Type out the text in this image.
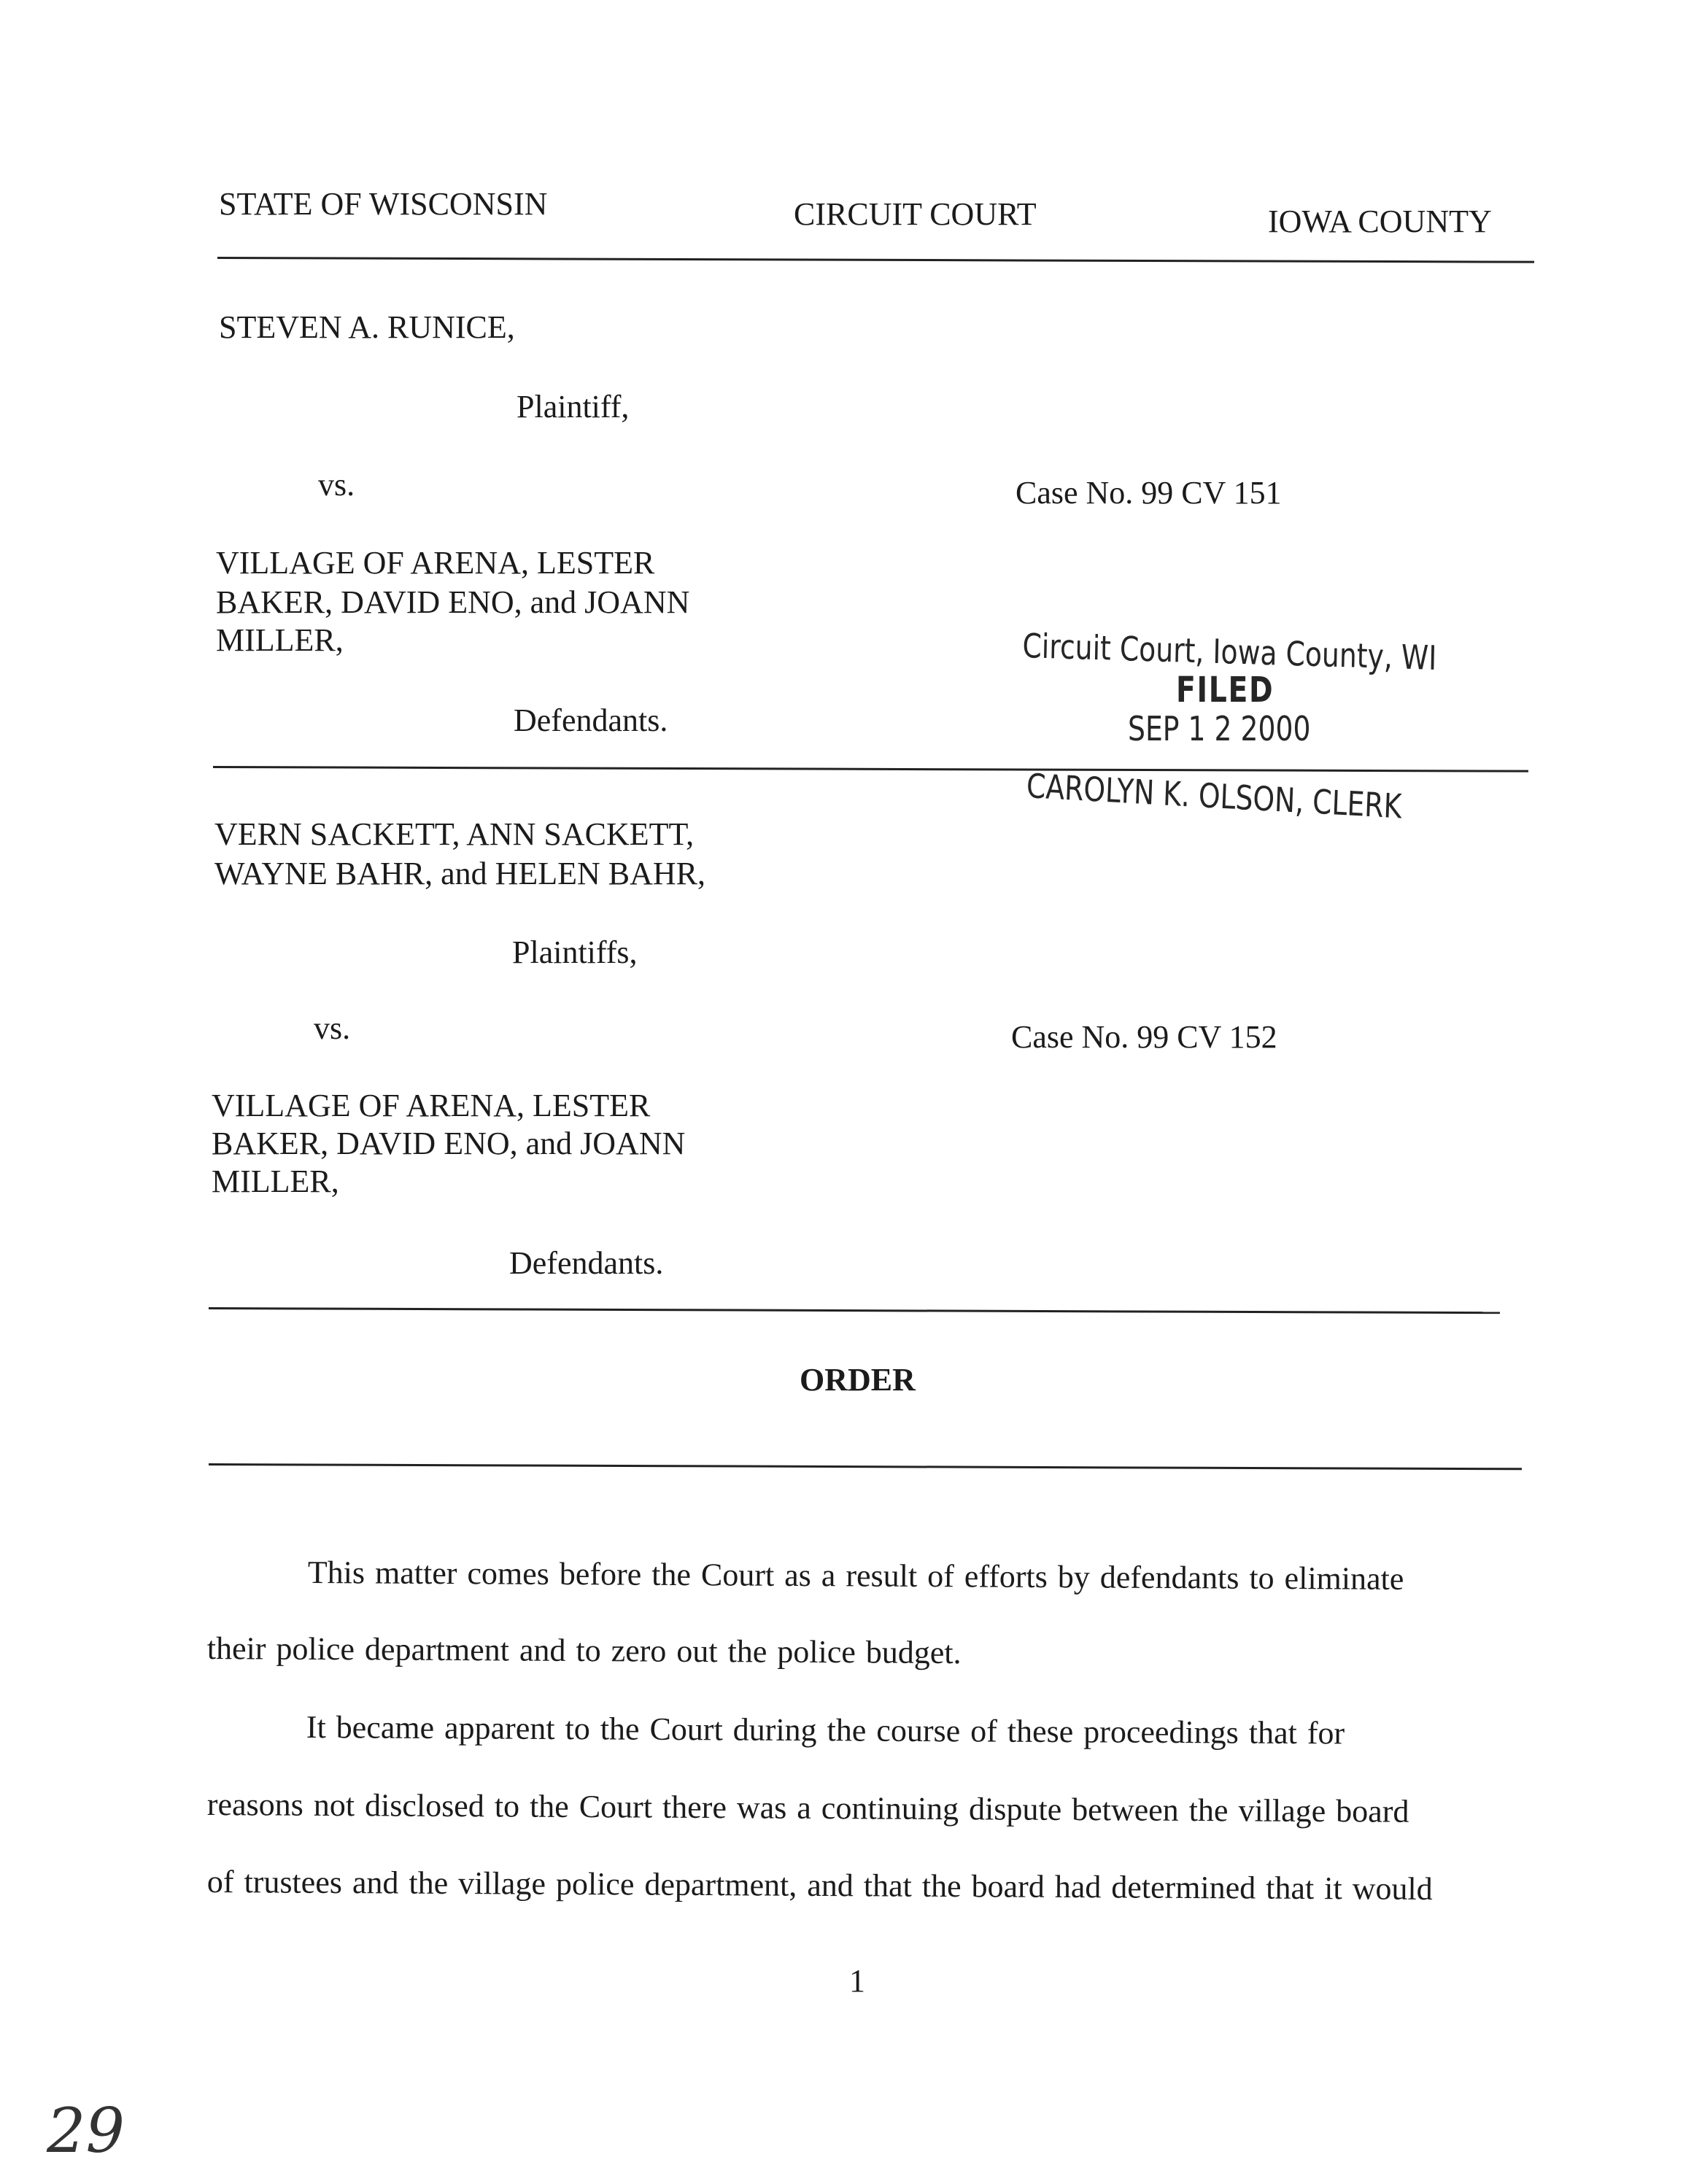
STATE OF WISCONSIN	CIRCUIT COURT	IOWA COUNTY
STEVEN A. RUNICE,
Plaintiff,
vs.	Case No. 99 CV 151
VILLAGE OF ARENA, LESTER
BAKER, DAVID ENO, and JOANN
MILLER,
Defendants.
Circuit Court, Iowa County, WI
FILED
SEP 1 2 2000
CAROLYN K. OLSON, CLERK
VERN SACKETT, ANN SACKETT,
WAYNE BAHR, and HELEN BAHR,
Plaintiffs,
vs.	Case No. 99 CV 152
VILLAGE OF ARENA, LESTER
BAKER, DAVID ENO, and JOANN
MILLER,
Defendants.
ORDER
This matter comes before the Court as a result of efforts by defendants to eliminate
their police department and to zero out the police budget.
It became apparent to the Court during the course of these proceedings that for
reasons not disclosed to the Court there was a continuing dispute between the village board
of trustees and the village police department, and that the board had determined that it would
1
29
